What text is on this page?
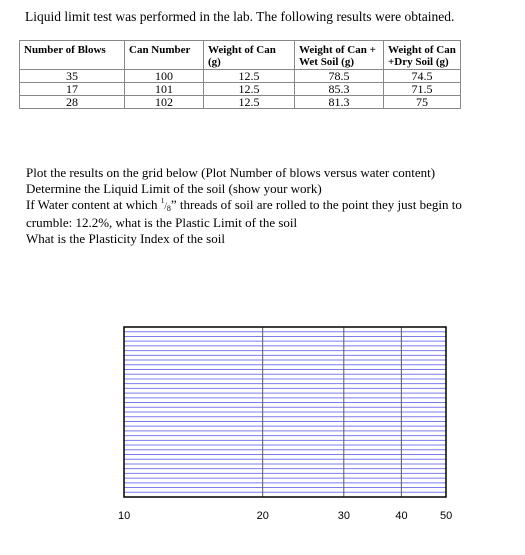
Liquid limit test was performed in the lab. The following results were obtained.
Number of Blows	Can Number	Weight of Can (g)	Weight of Can + Wet Soil (g)	Weight of Can +Dry Soil (g)
35	100	12.5	78.5	74.5
17	101	12.5	85.3	71.5
28	102	12.5	81.3	75

Plot the results on the grid below (Plot Number of blows versus water content)

Determine the Liquid Limit of the soil (show your work)

If Water content at which $^1$/8” threads of soil are rolled to the point they just begin to crumble: 12.2%, what is the Plastic Limit of the soil

What is the Plasticity Index of the soil

10	20	30	40	50
